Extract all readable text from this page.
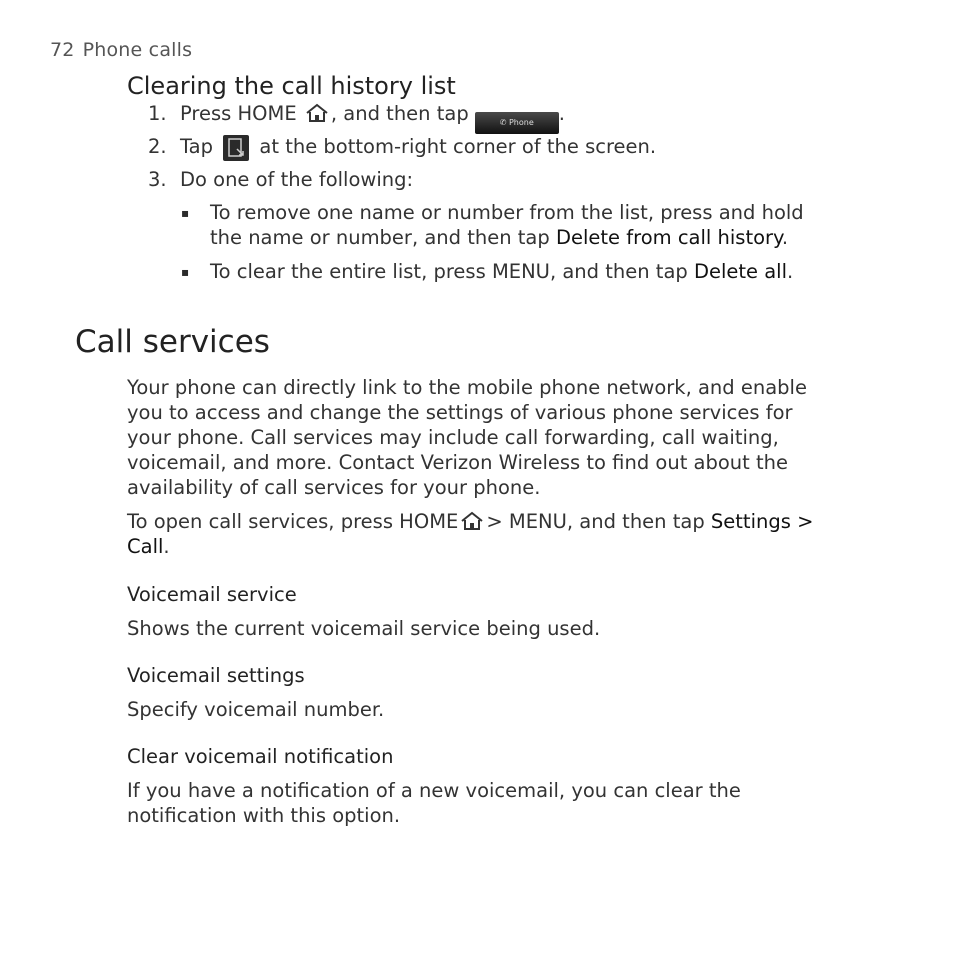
72 Phone calls
Clearing the call history list
1. Press HOME , and then tap	✆ Phone .
2. Tap at the bottom-right corner of the screen.
3. Do one of the following:
▪ To remove one name or number from the list, press and hold
the name or number, and then tap Delete from call history.
▪ To clear the entire list, press MENU, and then tap Delete all.
Call services
Your phone can directly link to the mobile phone network, and enable
you to access and change the settings of various phone services for
your phone. Call services may include call forwarding, call waiting,
voicemail, and more. Contact Verizon Wireless to find out about the
availability of call services for your phone.
To open call services, press HOME > MENU, and then tap Settings >
Call.
Voicemail service
Shows the current voicemail service being used.
Voicemail settings
Specify voicemail number.
Clear voicemail notification
If you have a notification of a new voicemail, you can clear the
notification with this option.
